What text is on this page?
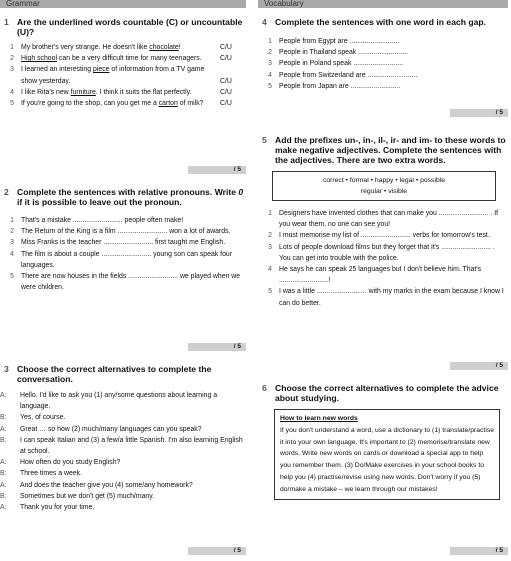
Grammar
1 Are the underlined words countable (C) or uncountable (U)?
1	My brother's very strange. He doesn't like chocolate!	C/U
2	High school can be a very difficult time for many teenagers.	C/U
3	I learned an interesting piece of information from a TV game show yesterday.	C/U
4	I like Rita's new furniture. I think it suits the flat perfectly.	C/U
5	If you're going to the shop, can you get me a carton of milk?	C/U
/ 5
2 Complete the sentences with relative pronouns. Write 0 if it is possible to leave out the pronoun.
1	That's a mistake .......................... people often make!
2	The Return of the King is a film .......................... won a lot of awards.
3	Miss Franks is the teacher .......................... first taught me English.
4	The film is about a couple .......................... young son can speak four languages.
5	There are now houses in the fields .......................... we played when we were children.
/ 5
3 Choose the correct alternatives to complete the conversation.
A:	Hello. I'd like to ask you (1) any/some questions about learning a language.
B:	Yes, of course.
A:	Great … so how (2) much/many languages can you speak?
B:	I can speak Italian and (3) a few/a little Spanish. I'm also learning English at school.
A:	How often do you study English?
B:	Three times a week.
A:	And does the teacher give you (4) some/any homework?
B:	Sometimes but we don't get (5) much/many.
A:	Thank you for your time.
/ 5
Vocabulary
4 Complete the sentences with one word in each gap.
1	People from Egypt are ..........................
2	People in Thailand speak ..........................
3	People in Poland speak ..........................
4	People from Switzerland are ..........................
5	People from Japan are ..........................
/ 5
5 Add the prefixes un-, in-, il-, ir- and im- to these words to make negative adjectives. Complete the sentences with the adjectives. There are two extra words.
correct • formal • happy • legal • possible
regular • visible
1	Designers have invented clothes that can make you .......................... . If you wear them, no one can see you!
2	I must memorise my list of .......................... verbs for tomorrow's test.
3	Lots of people download films but they forget that it's .......................... . You can get into trouble with the police.
4	He says he can speak 25 languages but I don't believe him. That's ..........................!
5	I was a little .......................... with my marks in the exam because I know I can do better.
/ 5
6 Choose the correct alternatives to complete the advice about studying.
How to learn new words
If you don't understand a word, use a dictionary to (1) translate/practise it into your own language. It's important to (2) memorise/translate new words. Write new words on cards or download a special app to help you remember them. (3) Do/Make exercises in your school books to help you (4) practise/revise using new words. Don't worry if you (5) do/make a mistake – we learn through our mistakes!
/ 5
